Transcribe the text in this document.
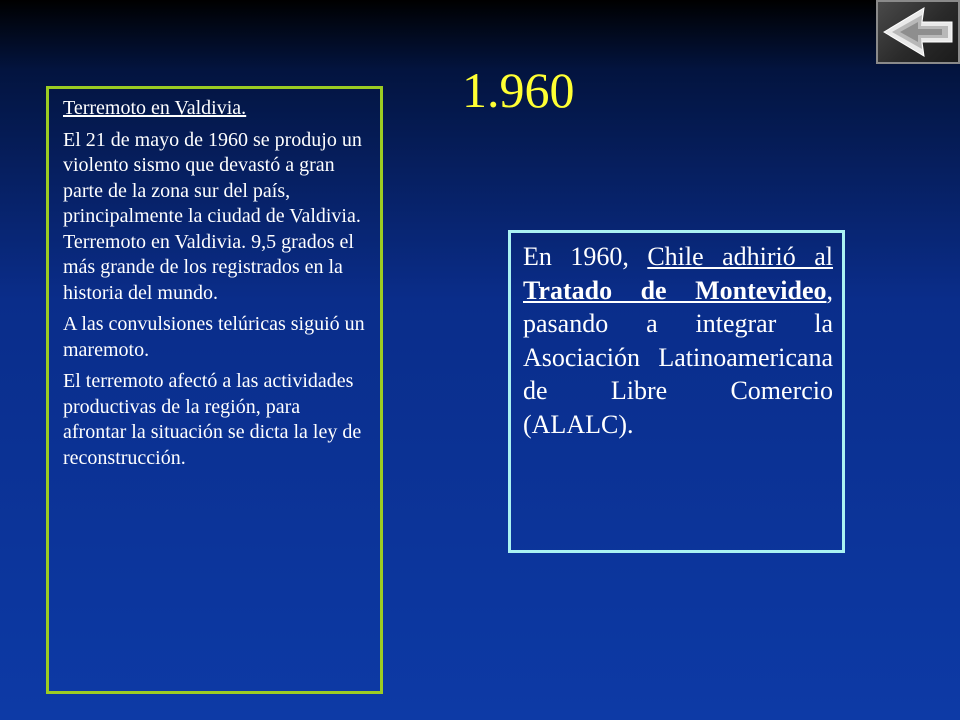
1.960

Terremoto en Valdivia.

El 21 de mayo de 1960 se produjo un violento sismo que devastó a gran parte de la zona sur del país, principalmente la ciudad de Valdivia. Terremoto en Valdivia. 9,5 grados el más grande de los registrados en la historia del mundo.

A las convulsiones telúricas siguió un maremoto.

El terremoto afectó a las actividades productivas de la región, para afrontar la situación se dicta la ley de reconstrucción.

En 1960, Chile adhirió al Tratado de Montevideo, pasando a integrar la Asociación Latinoamericana de Libre Comercio (ALALC).
